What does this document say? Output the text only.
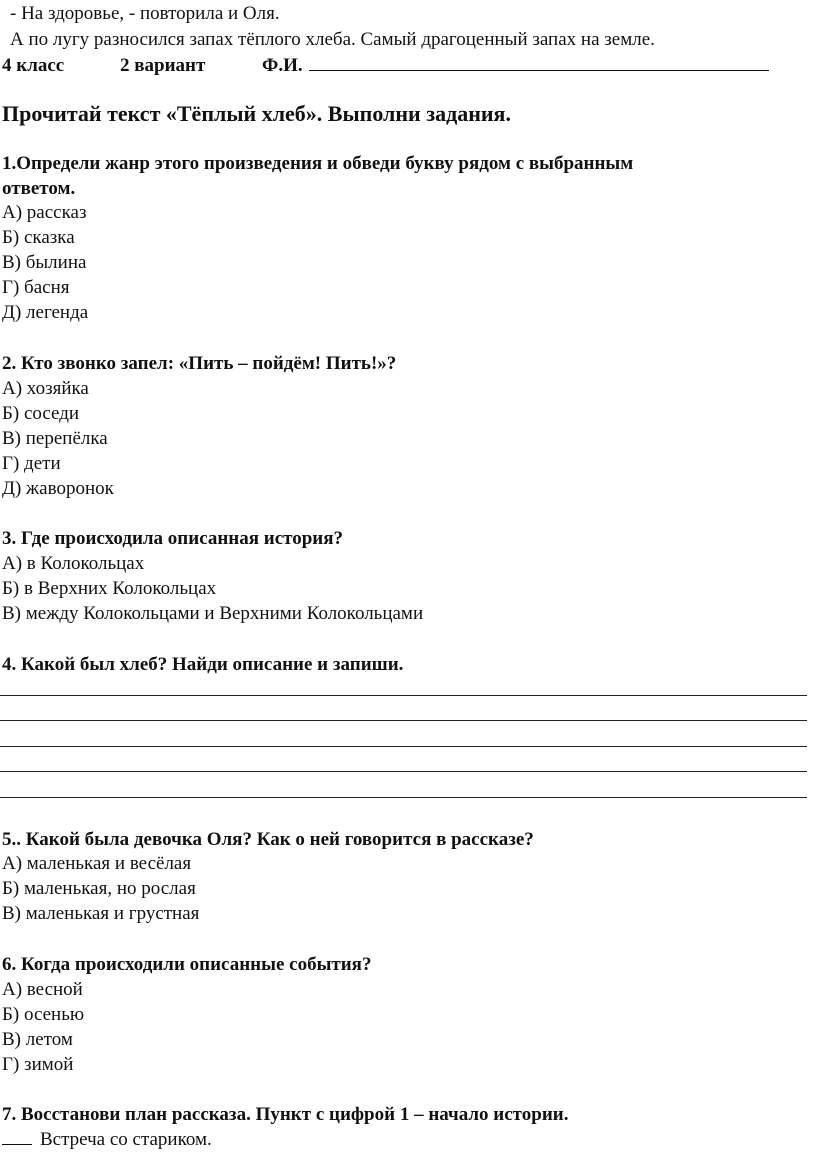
- На здоровье, - повторила и Оля.
А по лугу разносился запах тёплого хлеба. Самый драгоценный запах на земле.
4 класс	2 вариант	Ф.И.
Прочитай текст «Тёплый хлеб». Выполни задания.
1.Определи жанр этого произведения и обведи букву рядом с выбранным
ответом.
А) рассказ
Б) сказка
В) былина
Г) басня
Д) легенда
2. Кто звонко запел: «Пить – пойдём! Пить!»?
А) хозяйка
Б) соседи
В) перепёлка
Г) дети
Д) жаворонок
3. Где происходила описанная история?
А) в Колокольцах
Б) в Верхних Колокольцах
В) между Колокольцами и Верхними Колокольцами
4. Какой был хлеб? Найди описание и запиши.
5.. Какой была девочка Оля? Как о ней говорится в рассказе?
А) маленькая и весёлая
Б) маленькая, но рослая
В) маленькая и грустная
6. Когда происходили описанные события?
А) весной
Б) осенью
В) летом
Г) зимой
7. Восстанови план рассказа. Пункт с цифрой 1 – начало истории.
Встреча со стариком.
